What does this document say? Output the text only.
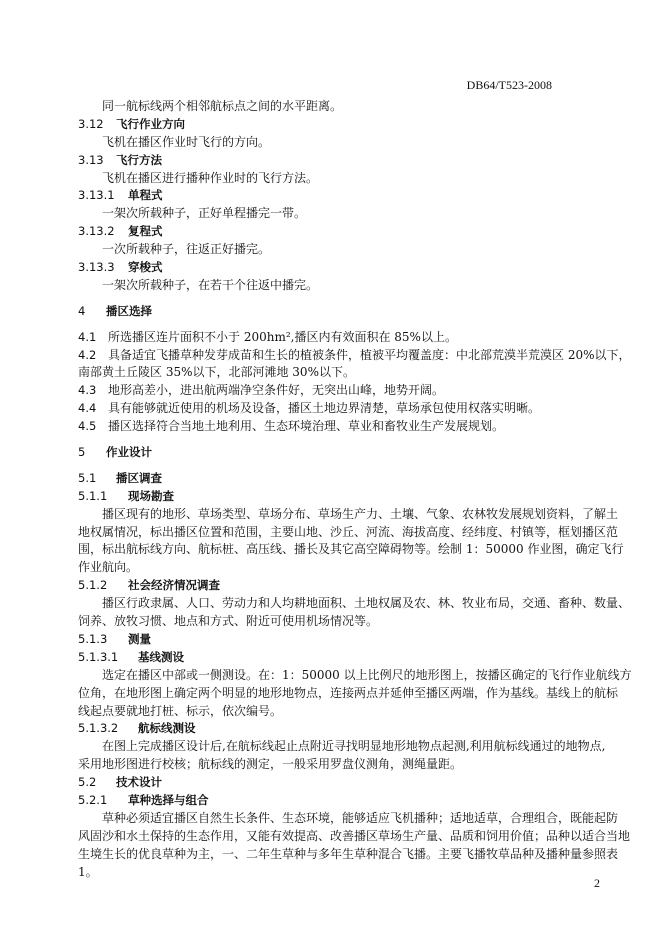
DB64/T523-2008
同一航标线两个相邻航标点之间的水平距离。
3.12 飞行作业方向
飞机在播区作业时飞行的方向。
3.13 飞行方法
飞机在播区进行播种作业时的飞行方法。
3.13.1 单程式
一架次所载种子，正好单程播完一带。
3.13.2 复程式
一次所载种子，往返正好播完。
3.13.3 穿梭式
一架次所载种子，在若干个往返中播完。
4 播区选择
4.1 所选播区连片面积不小于 200hm²,播区内有效面积在 85%以上。
4.2 具备适宜飞播草种发芽成苗和生长的植被条件，植被平均覆盖度：中北部荒漠半荒漠区 20%以下，
南部黄土丘陵区 35%以下，北部河滩地 30%以下。
4.3 地形高差小，进出航两端净空条件好，无突出山峰，地势开阔。
4.4 具有能够就近使用的机场及设备，播区土地边界清楚，草场承包使用权落实明晰。
4.5 播区选择符合当地土地利用、生态环境治理、草业和畜牧业生产发展规划。
5 作业设计
5.1 播区调查
5.1.1 现场勘查
播区现有的地形、草场类型、草场分布、草场生产力、土壤、气象、农林牧发展规划资料，了解土
地权属情况，标出播区位置和范围，主要山地、沙丘、河流、海拔高度、经纬度、村镇等，框划播区范
围，标出航标线方向、航标桩、高压线、播长及其它高空障碍物等。绘制 1：50000 作业图，确定飞行
作业航向。
5.1.2 社会经济情况调查
播区行政隶属、人口、劳动力和人均耕地面积、土地权属及农、林、牧业布局，交通、畜种、数量、
饲养、放牧习惯、地点和方式、附近可使用机场情况等。
5.1.3 测量
5.1.3.1 基线测设
选定在播区中部或一侧测设。在：1：50000 以上比例尺的地形图上，按播区确定的飞行作业航线方
位角，在地形图上确定两个明显的地形地物点，连接两点并延伸至播区两端，作为基线。基线上的航标
线起点要就地打桩、标示，依次编号。
5.1.3.2 航标线测设
在图上完成播区设计后,在航标线起止点附近寻找明显地形地物点起测,利用航标线通过的地物点,
采用地形图进行校核；航标线的测定，一般采用罗盘仪测角，测绳量距。
5.2 技术设计
5.2.1 草种选择与组合
草种必须适宜播区自然生长条件、生态环境，能够适应飞机播种；适地适草，合理组合，既能起防
风固沙和水土保持的生态作用，又能有效提高、改善播区草场生产量、品质和饲用价值；品种以适合当地
生境生长的优良草种为主，一、二年生草种与多年生草种混合飞播。主要飞播牧草品种及播种量参照表
1。
2
